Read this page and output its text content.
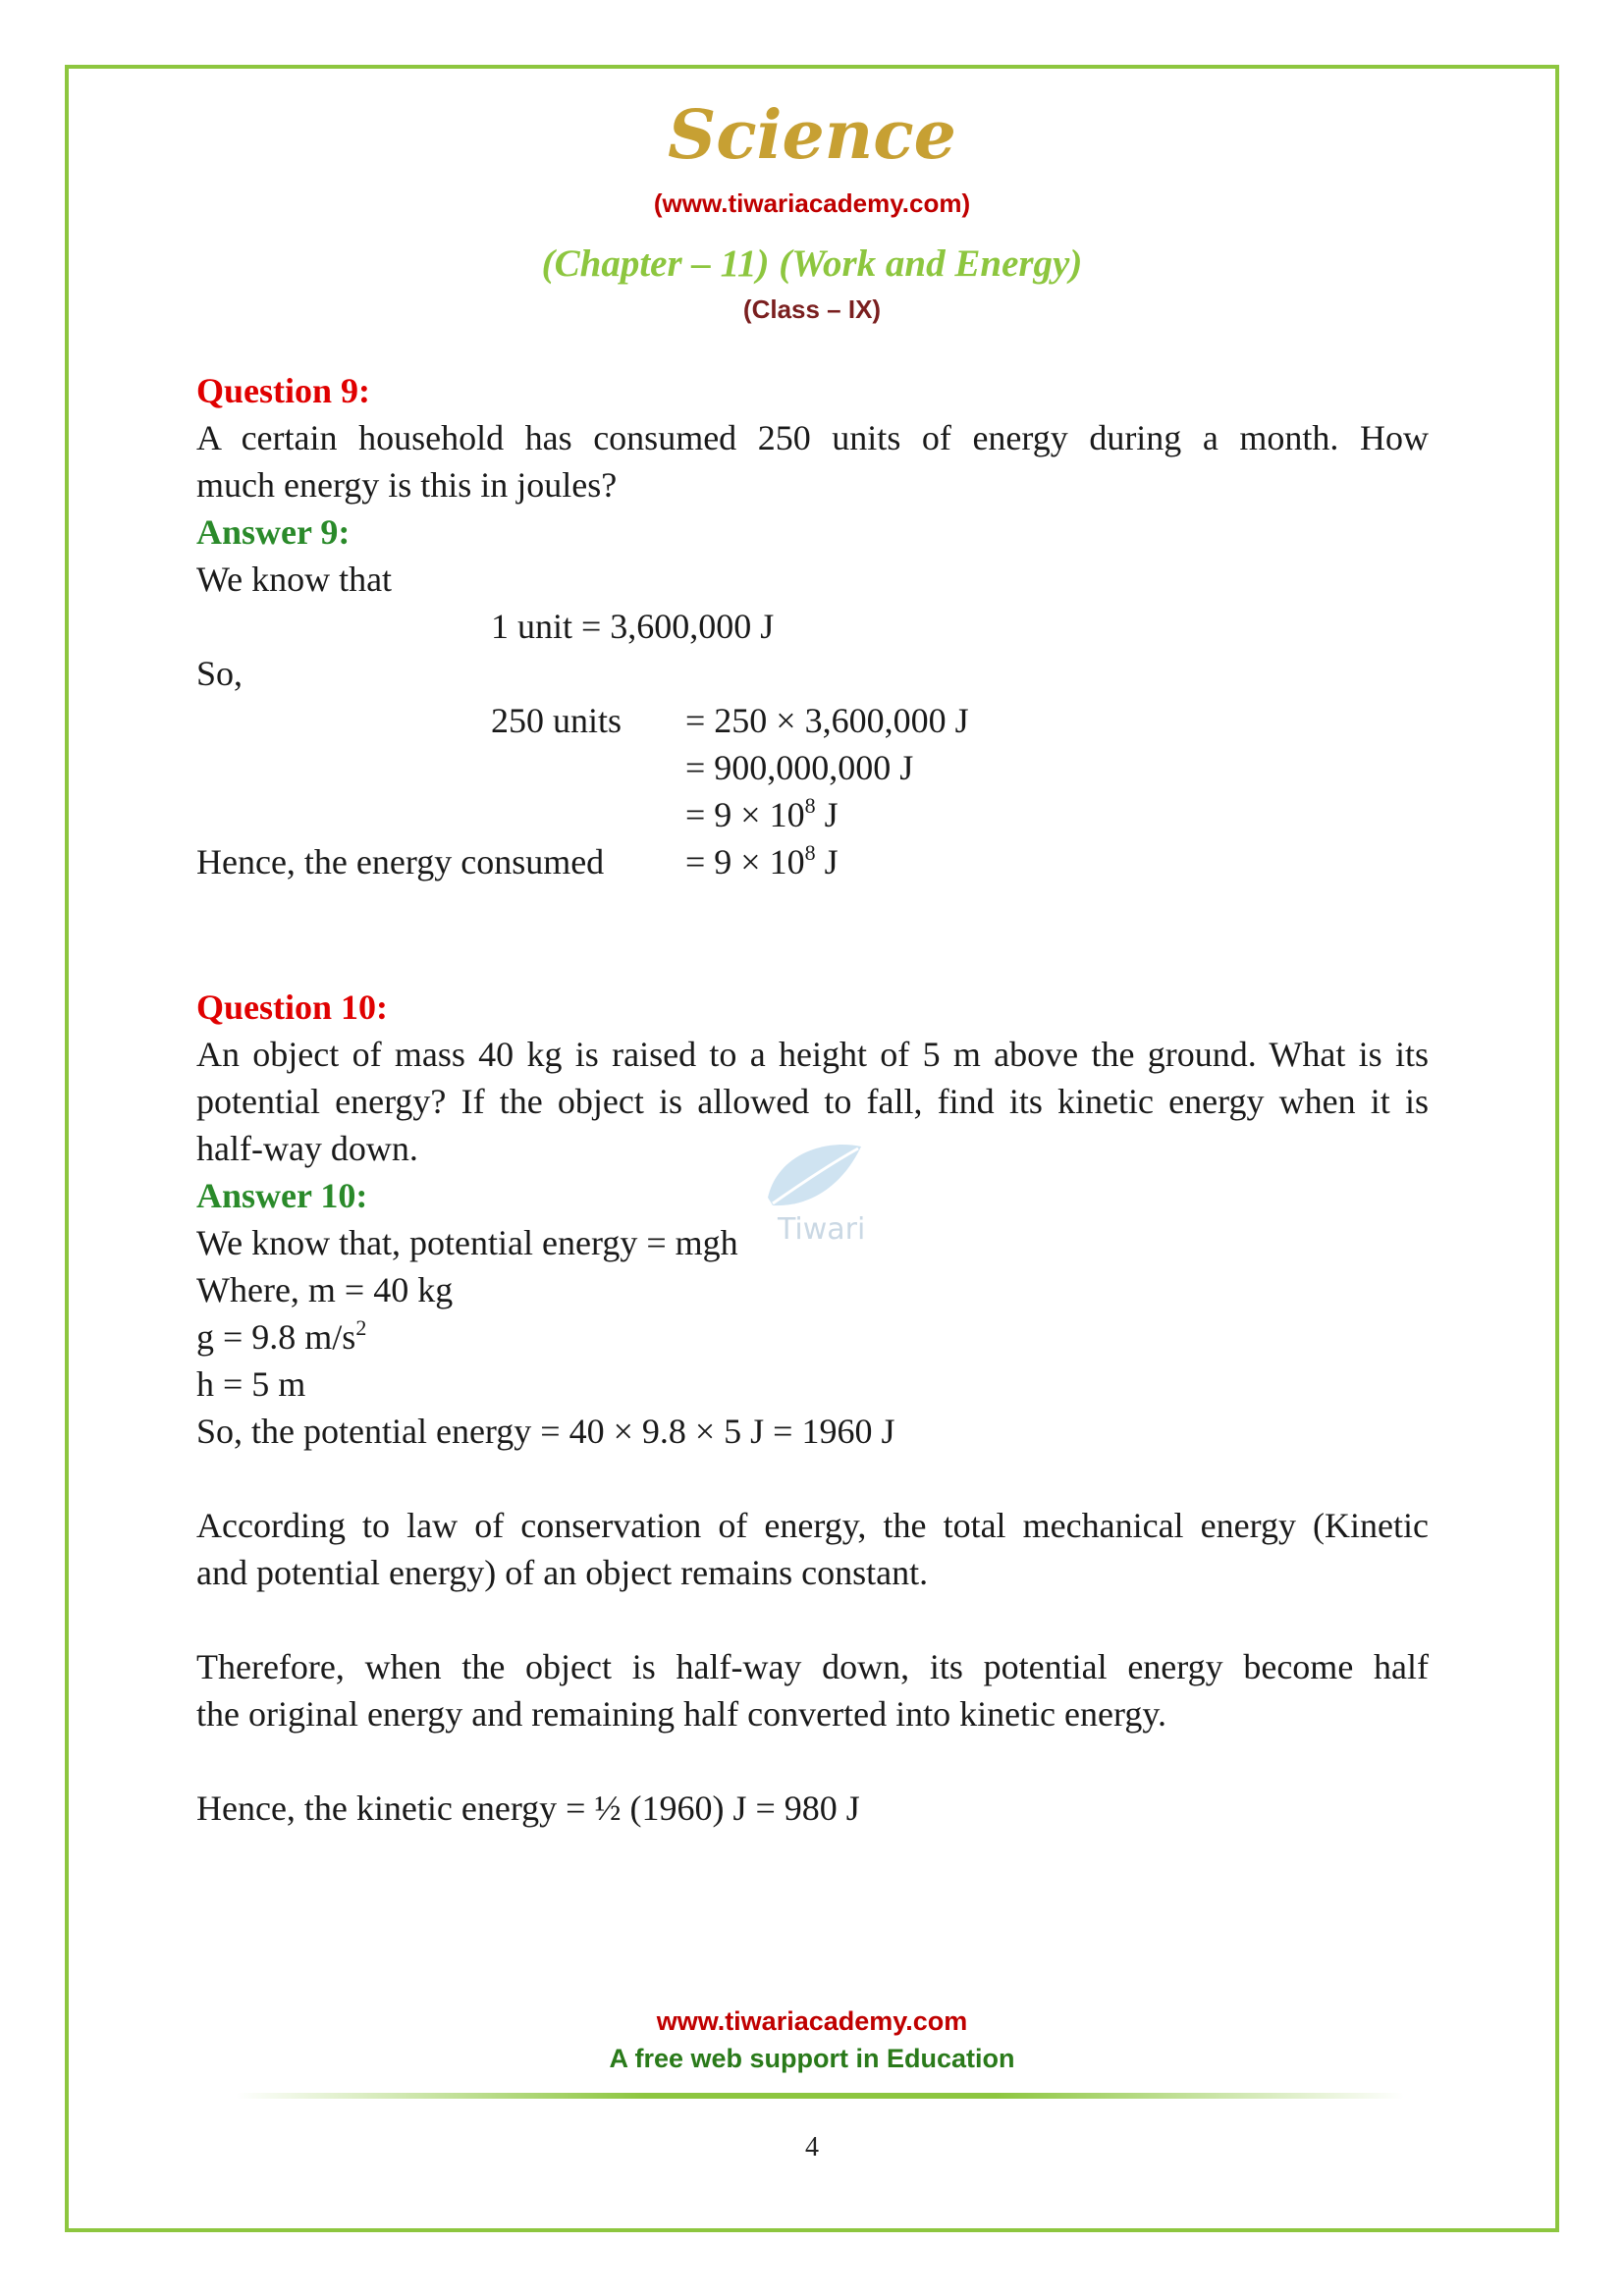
Science
(www.tiwariacademy.com)
(Chapter – 11) (Work and Energy)
(Class – IX)
Question 9:
A certain household has consumed 250 units of energy during a month. How
much energy is this in joules?
Answer 9:
We know that
1 unit = 3,600,000 J
So,
250 units = 250 × 3,600,000 J
= 900,000,000 J
= $9 \times 10^8$ J
Hence, the energy consumed = $9 \times 10^8$ J
Question 10:
An object of mass 40 kg is raised to a height of 5 m above the ground. What is its
potential energy? If the object is allowed to fall, find its kinetic energy when it is
half-way down.
Answer 10:
We know that, potential energy = mgh
Where, m = 40 kg
g = 9.8 $m/s^2$
h = 5 m
So, the potential energy = 40 × 9.8 × 5 J = 1960 J
According to law of conservation of energy, the total mechanical energy (Kinetic
and potential energy) of an object remains constant.
Therefore, when the object is half-way down, its potential energy become half
the original energy and remaining half converted into kinetic energy.
Hence, the kinetic energy = ½ (1960) J = 980 J
Tiwari
www.tiwariacademy.com
A free web support in Education
4
